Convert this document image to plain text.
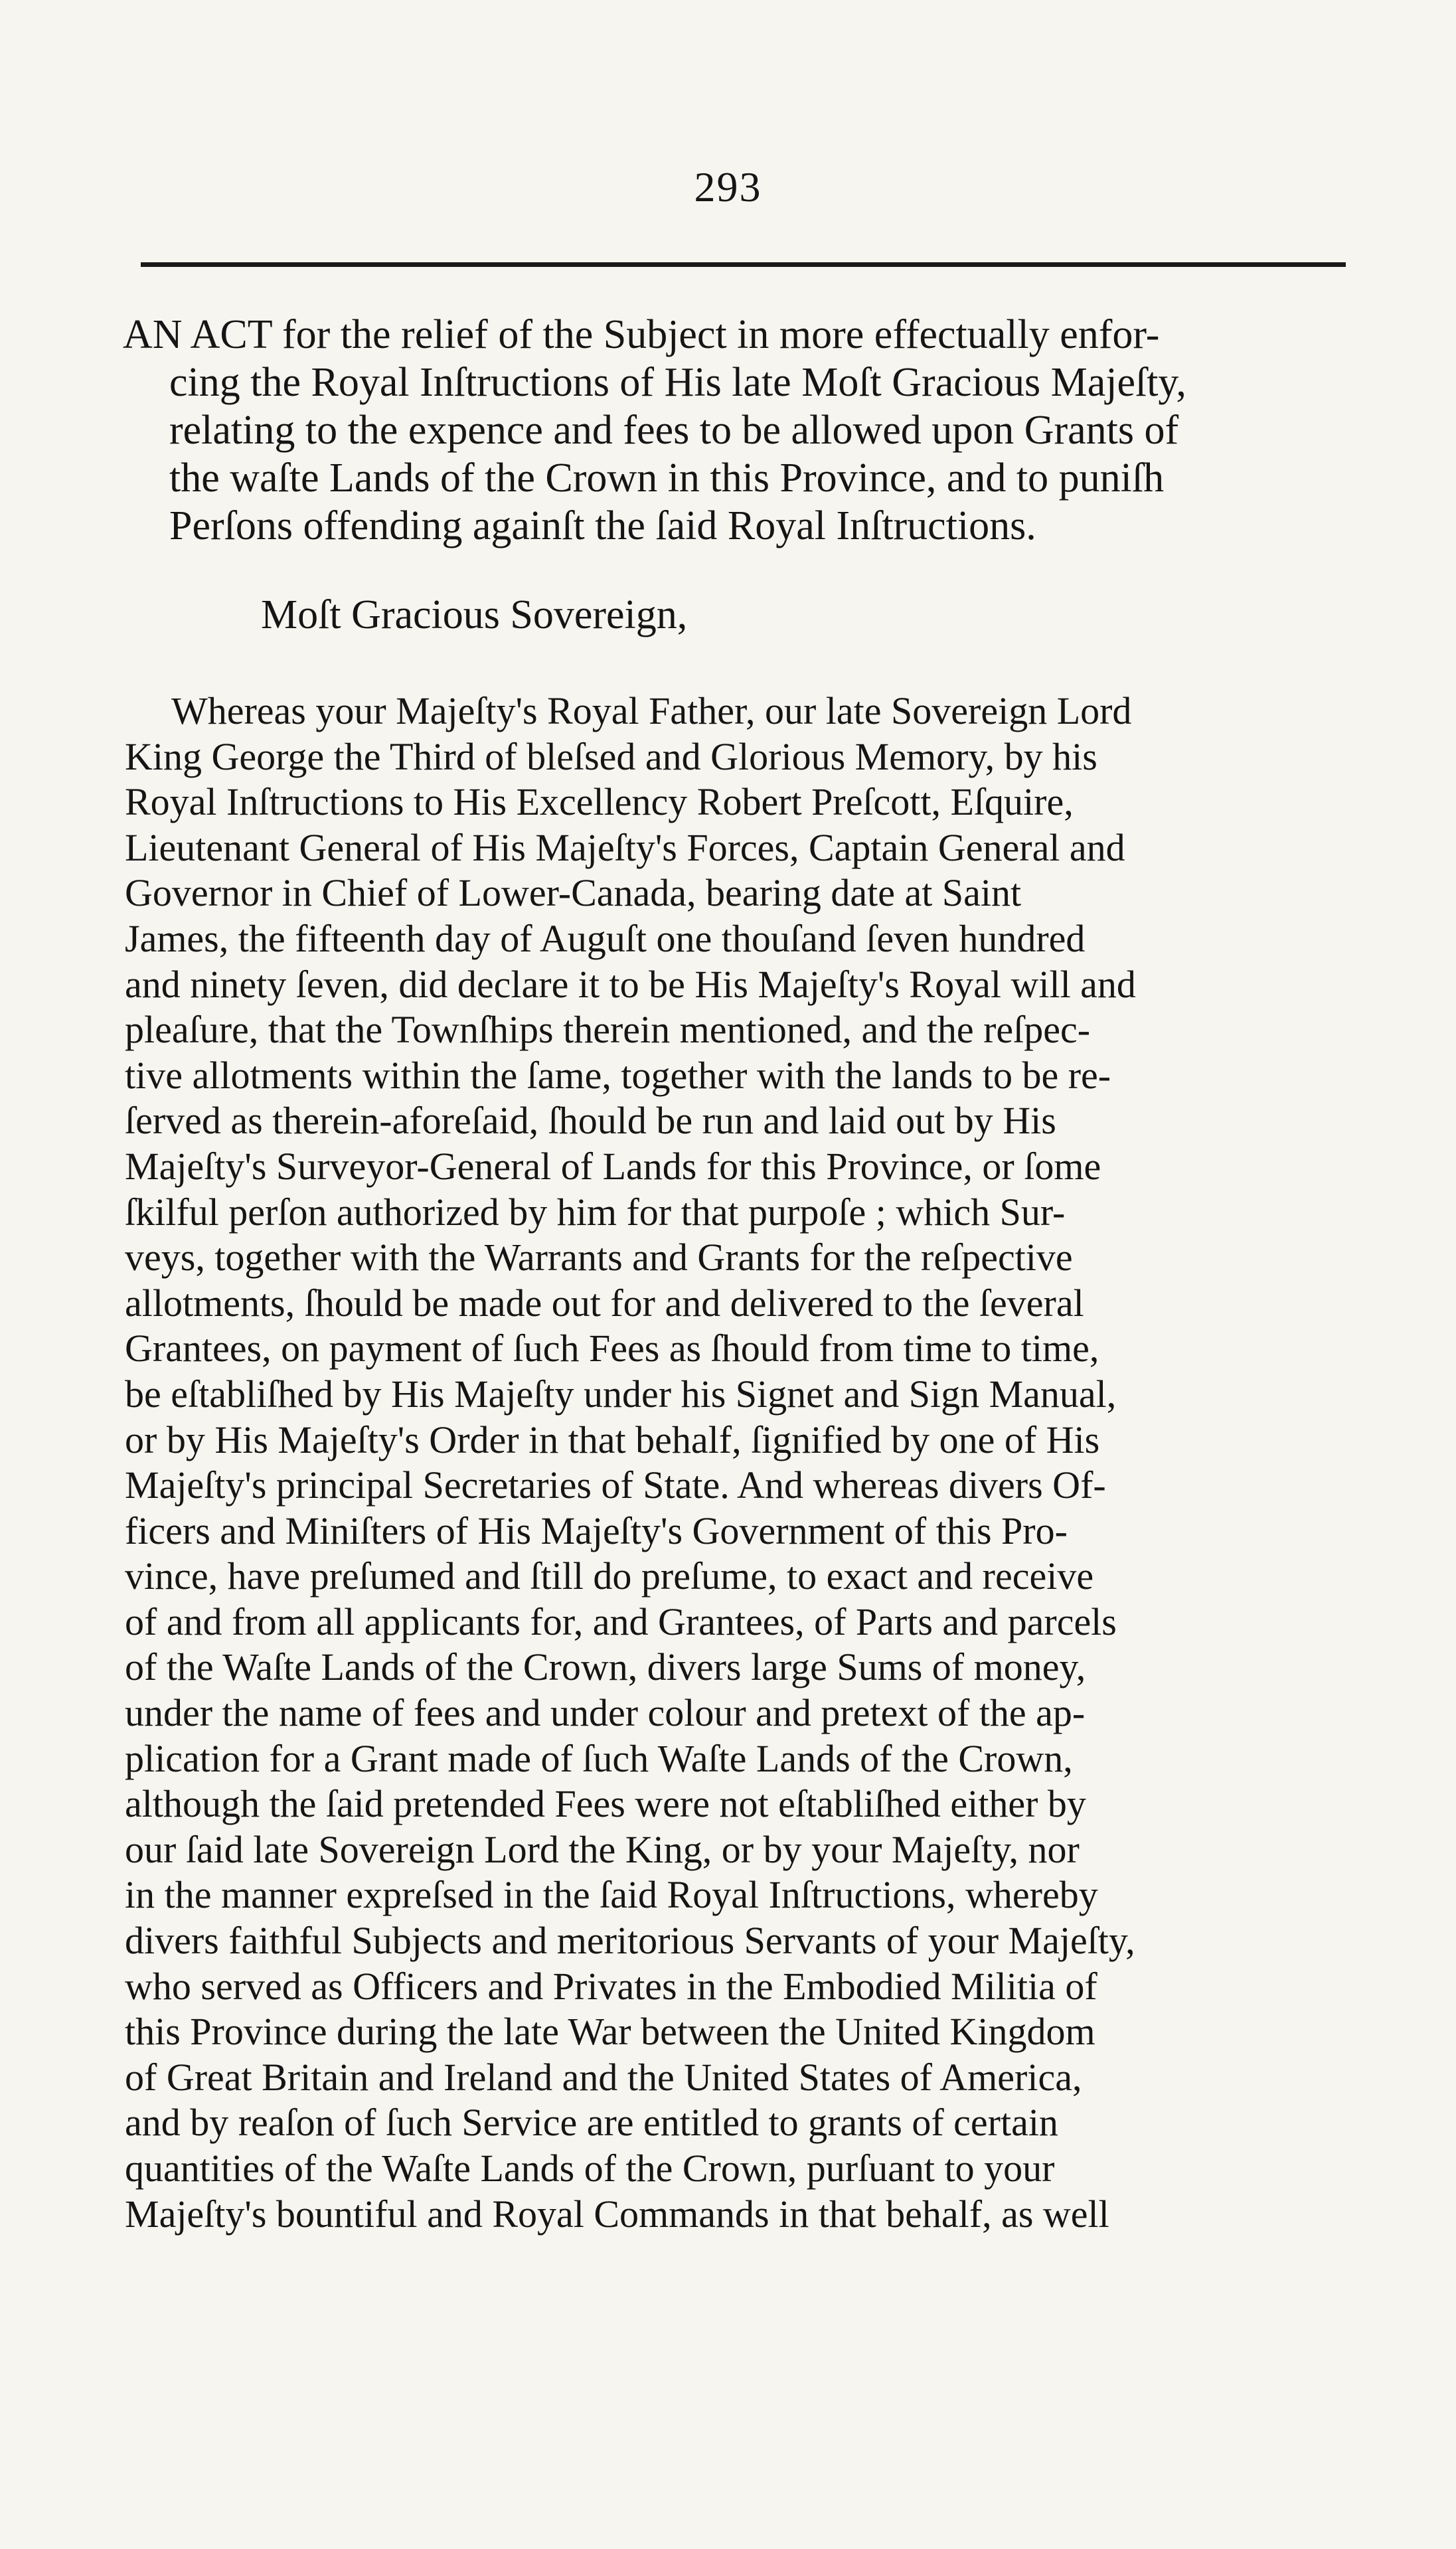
293
AN ACT for the relief of the Subject in more effectually enfor-
cing the Royal Inſtructions of His late Moſt Gracious Majeſty,
relating to the expence and fees to be allowed upon Grants of
the waſte Lands of the Crown in this Province, and to puniſh
Perſons offending againſt the ſaid Royal Inſtructions.
Moſt Gracious Sovereign,
Whereas your Majeſty's Royal Father, our late Sovereign Lord
King George the Third of bleſsed and Glorious Memory, by his
Royal Inſtructions to His Excellency Robert Preſcott, Eſquire,
Lieutenant General of His Majeſty's Forces, Captain General and
Governor in Chief of Lower-Canada, bearing date at Saint
James, the fifteenth day of Auguſt one thouſand ſeven hundred
and ninety ſeven, did declare it to be His Majeſty's Royal will and
pleaſure, that the Townſhips therein mentioned, and the reſpec-
tive allotments within the ſame, together with the lands to be re-
ſerved as therein-aforeſaid, ſhould be run and laid out by His
Majeſty's Surveyor-General of Lands for this Province, or ſome
ſkilful perſon authorized by him for that purpoſe ; which Sur-
veys, together with the Warrants and Grants for the reſpective
allotments, ſhould be made out for and delivered to the ſeveral
Grantees, on payment of ſuch Fees as ſhould from time to time,
be eſtabliſhed by His Majeſty under his Signet and Sign Manual,
or by His Majeſty's Order in that behalf, ſignified by one of His
Majeſty's principal Secretaries of State. And whereas divers Of-
ficers and Miniſters of His Majeſty's Government of this Pro-
vince, have preſumed and ſtill do preſume, to exact and receive
of and from all applicants for, and Grantees, of Parts and parcels
of the Waſte Lands of the Crown, divers large Sums of money,
under the name of fees and under colour and pretext of the ap-
plication for a Grant made of ſuch Waſte Lands of the Crown,
although the ſaid pretended Fees were not eſtabliſhed either by
our ſaid late Sovereign Lord the King, or by your Majeſty, nor
in the manner expreſsed in the ſaid Royal Inſtructions, whereby
divers faithful Subjects and meritorious Servants of your Majeſty,
who served as Officers and Privates in the Embodied Militia of
this Province during the late War between the United Kingdom
of Great Britain and Ireland and the United States of America,
and by reaſon of ſuch Service are entitled to grants of certain
quantities of the Waſte Lands of the Crown, purſuant to your
Majeſty's bountiful and Royal Commands in that behalf, as well
